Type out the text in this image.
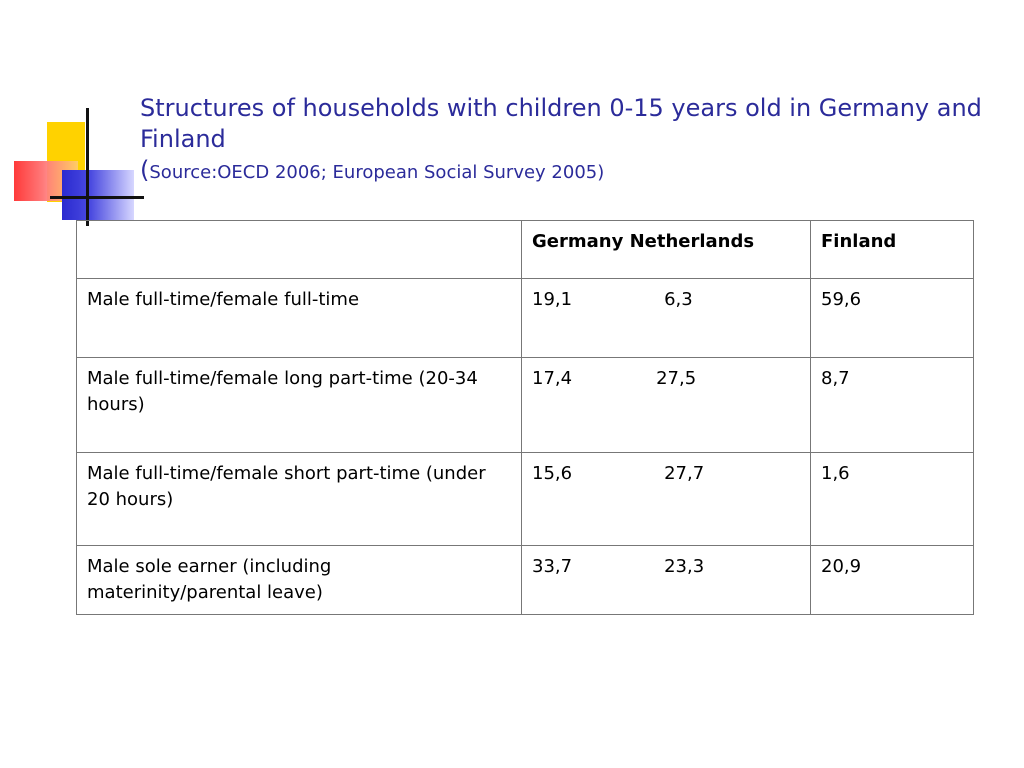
Structures of households with children 0-15 years old in Germany and Finland
(Source:OECD 2006; European Social Survey 2005)
	Germany Netherlands	Finland
Male full-time/female full-time	19,1 6,3	59,6
Male full-time/female long part-time (20-34 hours)	17,4 27,5	8,7
Male full-time/female short part-time (under 20 hours)	15,6 27,7	1,6
Male sole earner (including materinity/parental leave)	33,7 23,3	20,9
